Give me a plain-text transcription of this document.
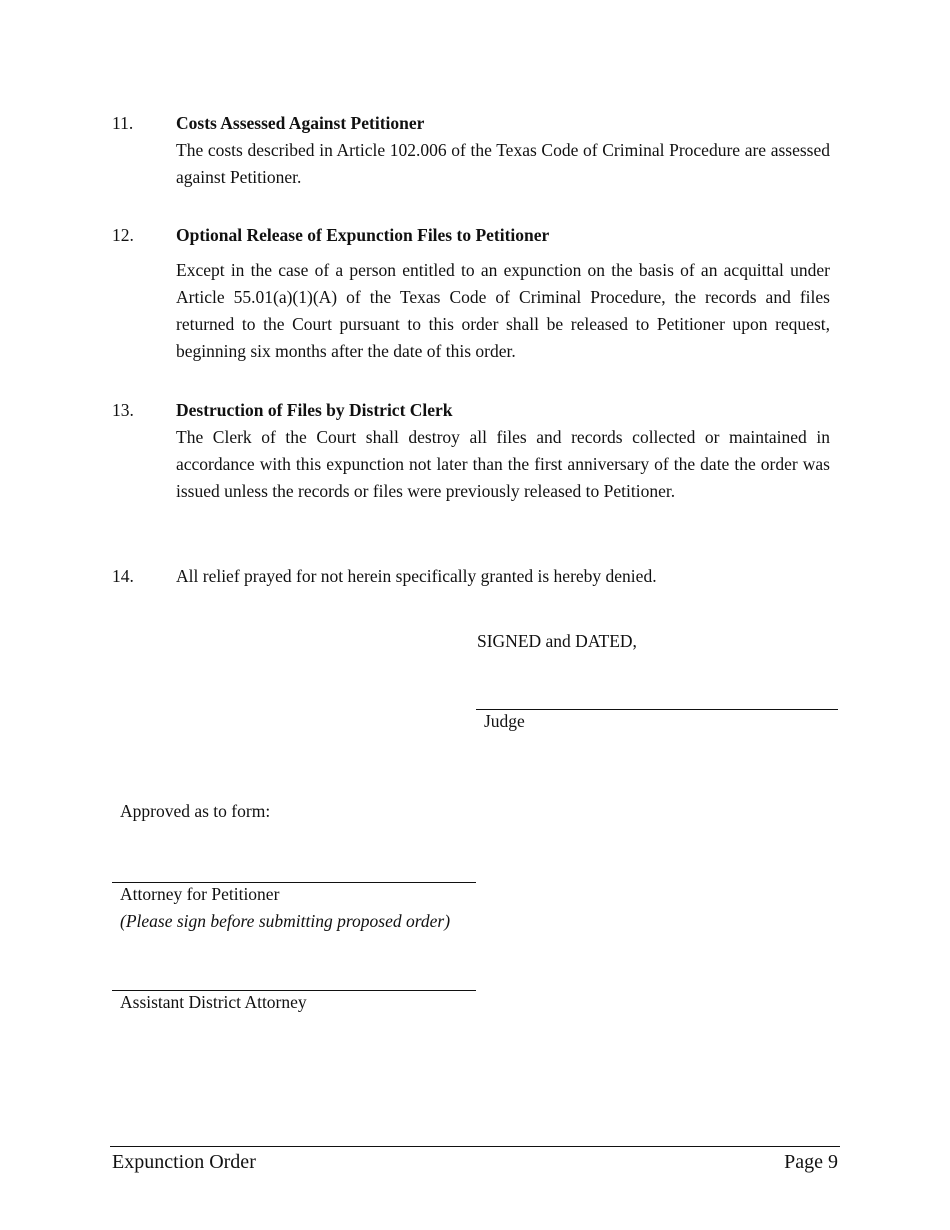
11.	Costs Assessed Against Petitioner
The costs described in Article 102.006 of the Texas Code of Criminal Procedure are assessed against Petitioner.
12.	Optional Release of Expunction Files to Petitioner
Except in the case of a person entitled to an expunction on the basis of an acquittal under Article 55.01(a)(1)(A) of the Texas Code of Criminal Procedure, the records and files returned to the Court pursuant to this order shall be released to Petitioner upon request, beginning six months after the date of this order.
13.	Destruction of Files by District Clerk
The Clerk of the Court shall destroy all files and records collected or maintained in accordance with this expunction not later than the first anniversary of the date the order was issued unless the records or files were previously released to Petitioner.
14.	All relief prayed for not herein specifically granted is hereby denied.
SIGNED and DATED,
Judge
Approved as to form:
Attorney for Petitioner
(Please sign before submitting proposed order)
Assistant District Attorney
Expunction Order	Page 9
